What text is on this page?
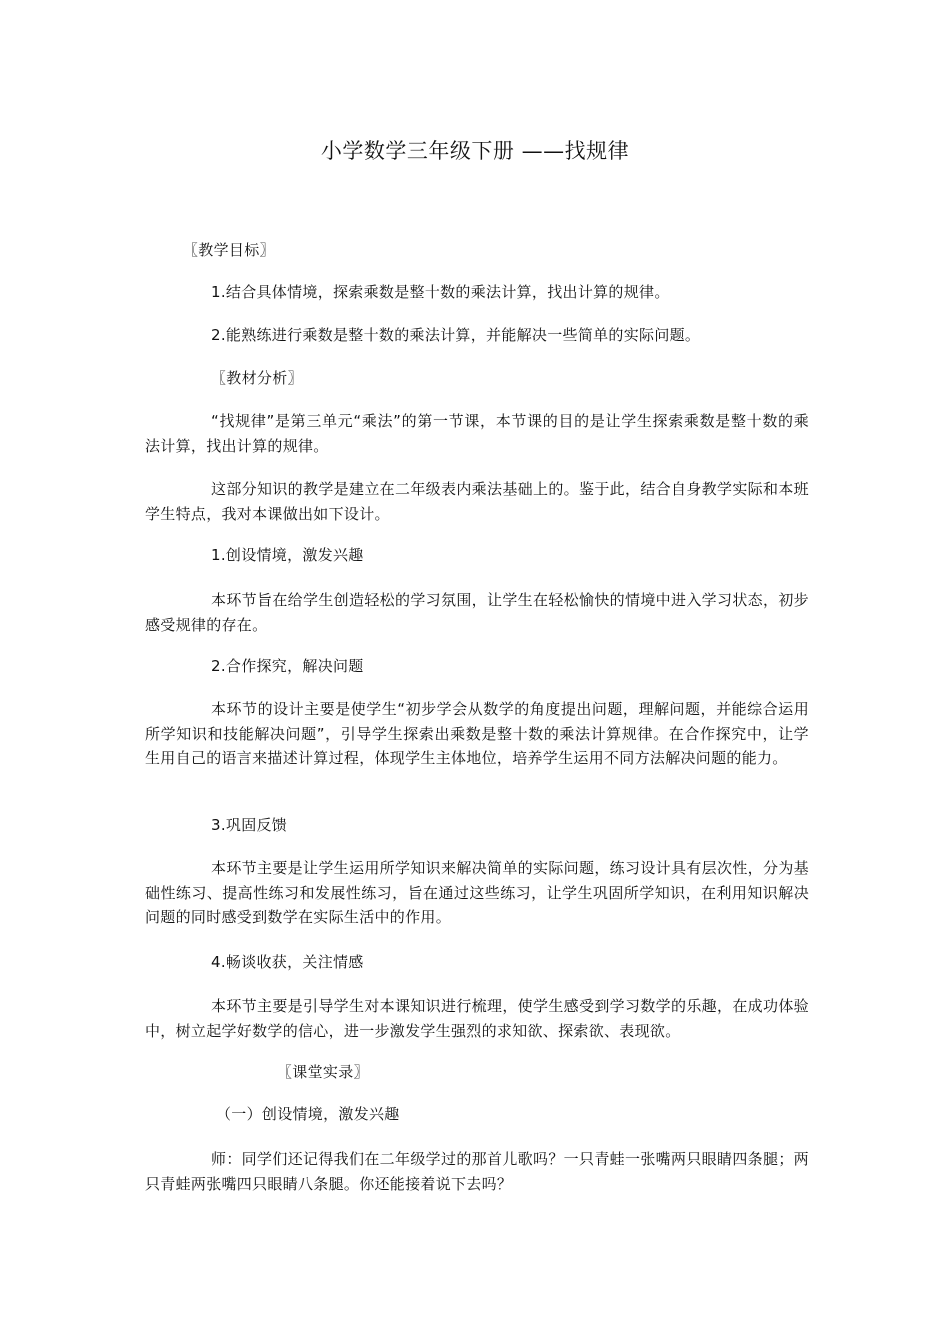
小学数学三年级下册 ——找规律
〖教学目标〗
1.结合具体情境，探索乘数是整十数的乘法计算，找出计算的规律。
2.能熟练进行乘数是整十数的乘法计算，并能解决一些简单的实际问题。
〖教材分析〗
“找规律”是第三单元“乘法”的第一节课，本节课的目的是让学生探索乘数是整十数的乘法计算，找出计算的规律。
这部分知识的教学是建立在二年级表内乘法基础上的。鉴于此，结合自身教学实际和本班学生特点，我对本课做出如下设计。
1.创设情境，激发兴趣
本环节旨在给学生创造轻松的学习氛围，让学生在轻松愉快的情境中进入学习状态，初步感受规律的存在。
2.合作探究，解决问题
本环节的设计主要是使学生“初步学会从数学的角度提出问题，理解问题，并能综合运用所学知识和技能解决问题”，引导学生探索出乘数是整十数的乘法计算规律。在合作探究中，让学生用自己的语言来描述计算过程，体现学生主体地位，培养学生运用不同方法解决问题的能力。
3.巩固反馈
本环节主要是让学生运用所学知识来解决简单的实际问题，练习设计具有层次性，分为基础性练习、提高性练习和发展性练习，旨在通过这些练习，让学生巩固所学知识，在利用知识解决问题的同时感受到数学在实际生活中的作用。
4.畅谈收获，关注情感
本环节主要是引导学生对本课知识进行梳理，使学生感受到学习数学的乐趣，在成功体验中，树立起学好数学的信心，进一步激发学生强烈的求知欲、探索欲、表现欲。
〖课堂实录〗
（一）创设情境，激发兴趣
师：同学们还记得我们在二年级学过的那首儿歌吗？一只青蛙一张嘴两只眼睛四条腿；两只青蛙两张嘴四只眼睛八条腿。你还能接着说下去吗？
